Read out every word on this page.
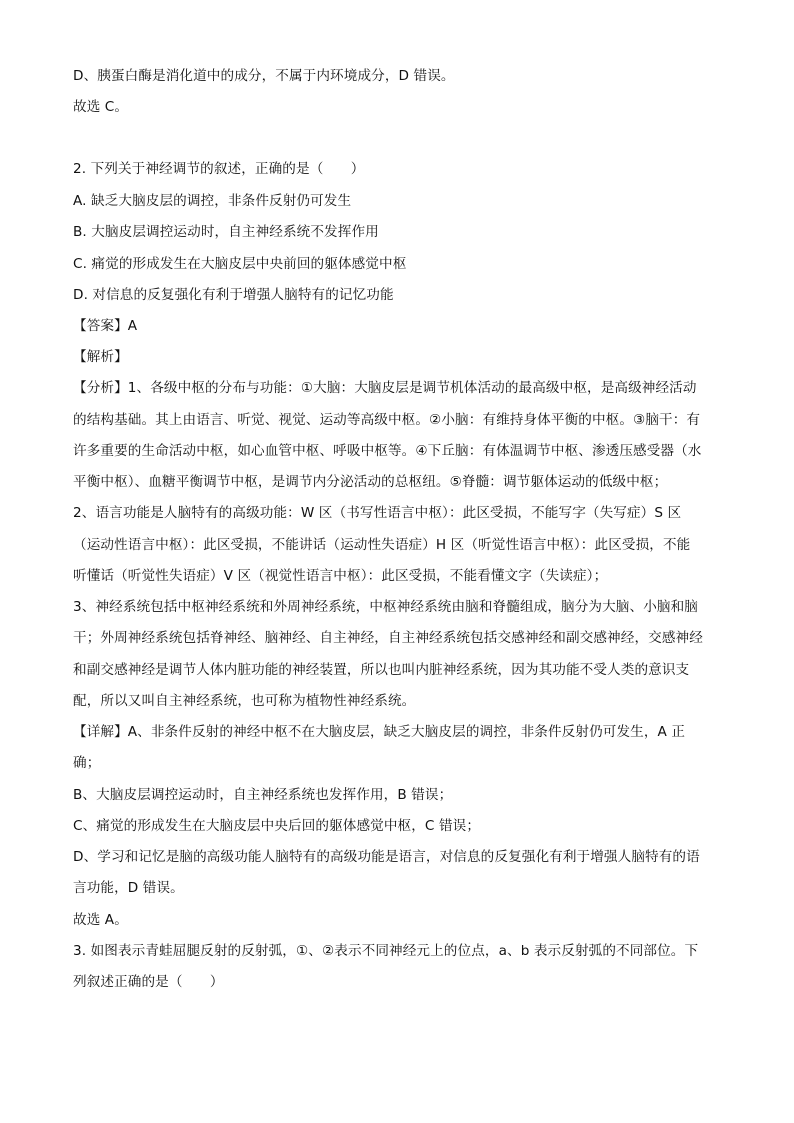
D、胰蛋白酶是消化道中的成分，不属于内环境成分，D 错误。
故选 C。
2. 下列关于神经调节的叙述，正确的是（　　）
A. 缺乏大脑皮层的调控，非条件反射仍可发生
B. 大脑皮层调控运动时，自主神经系统不发挥作用
C. 痛觉的形成发生在大脑皮层中央前回的躯体感觉中枢
D. 对信息的反复强化有利于增强人脑特有的记忆功能
【答案】A
【解析】
【分析】1、各级中枢的分布与功能：①大脑：大脑皮层是调节机体活动的最高级中枢，是高级神经活动
的结构基础。其上由语言、听觉、视觉、运动等高级中枢。②小脑：有维持身体平衡的中枢。③脑干：有
许多重要的生命活动中枢，如心血管中枢、呼吸中枢等。④下丘脑：有体温调节中枢、渗透压感受器（水
平衡中枢）、血糖平衡调节中枢，是调节内分泌活动的总枢纽。⑤脊髓：调节躯体运动的低级中枢；
2、语言功能是人脑特有的高级功能：W 区（书写性语言中枢）：此区受损，不能写字（失写症）S 区
（运动性语言中枢）：此区受损，不能讲话（运动性失语症）H 区（听觉性语言中枢）：此区受损，不能
听懂话（听觉性失语症）V 区（视觉性语言中枢）：此区受损，不能看懂文字（失读症）；
3、神经系统包括中枢神经系统和外周神经系统，中枢神经系统由脑和脊髓组成，脑分为大脑、小脑和脑
干；外周神经系统包括脊神经、脑神经、自主神经，自主神经系统包括交感神经和副交感神经，交感神经
和副交感神经是调节人体内脏功能的神经装置，所以也叫内脏神经系统，因为其功能不受人类的意识支
配，所以又叫自主神经系统，也可称为植物性神经系统。
【详解】A、非条件反射的神经中枢不在大脑皮层，缺乏大脑皮层的调控，非条件反射仍可发生，A 正
确；
B、大脑皮层调控运动时，自主神经系统也发挥作用，B 错误；
C、痛觉的形成发生在大脑皮层中央后回的躯体感觉中枢，C 错误；
D、学习和记忆是脑的高级功能人脑特有的高级功能是语言，对信息的反复强化有利于增强人脑特有的语
言功能，D 错误。
故选 A。
3. 如图表示青蛙屈腿反射的反射弧，①、②表示不同神经元上的位点，a、b 表示反射弧的不同部位。下
列叙述正确的是（　　）
